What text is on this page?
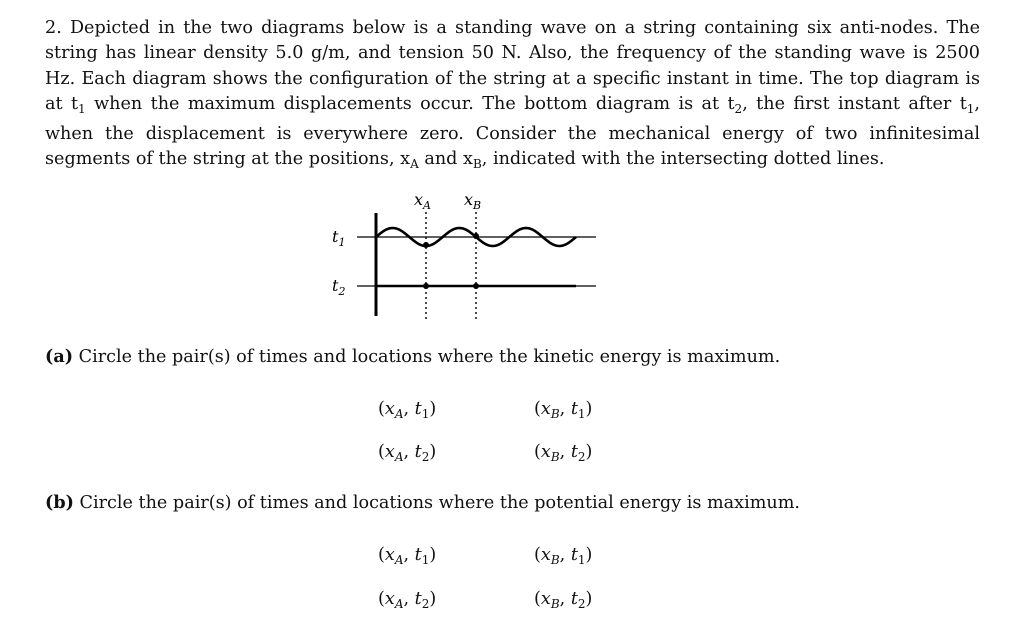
2. Depicted in the two diagrams below is a standing wave on a string containing six anti-nodes. The string has linear density 5.0 g/m, and tension 50 N. Also, the frequency of the standing wave is 2500 Hz. Each diagram shows the configuration of the string at a specific instant in time. The top diagram is at $t_1$ when the maximum displacements occur. The bottom diagram is at $t_2$, the first instant after $t_1$, when the displacement is everywhere zero. Consider the mechanical energy of two infinitesimal segments of the string at the positions, $x_A$ and $x_B$, indicated with the intersecting dotted lines.

$x_A$ $x_B$
$t_1$
$t_2$
(a) Circle the pair(s) of times and locations where the kinetic energy is maximum.
($x_A$, $t_1$)	($x_B$, $t_1$)
($x_A$, $t_2$)	($x_B$, $t_2$)
(b) Circle the pair(s) of times and locations where the potential energy is maximum.
($x_A$, $t_1$)	($x_B$, $t_1$)
($x_A$, $t_2$)	($x_B$, $t_2$)
